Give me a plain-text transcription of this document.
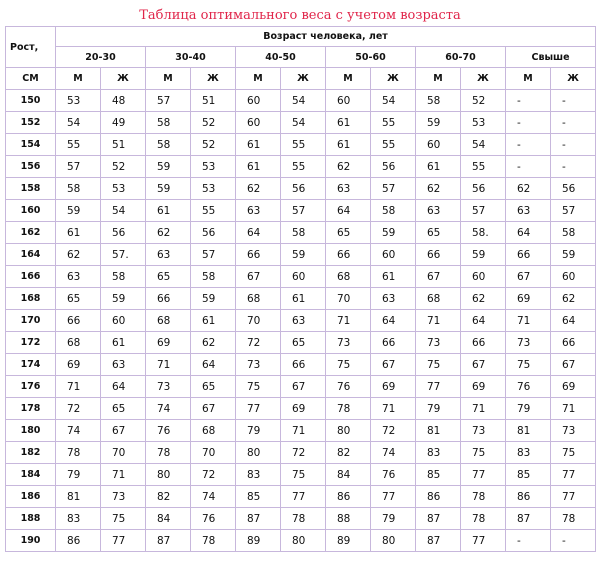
Таблица оптимального веса с учетом возраста
Рост,	Возраст человека, лет											
	20-30		30-40		40-50		50-60		60-70		Свыше	
СМ	М	Ж	М	Ж	М	Ж	М	Ж	М	Ж	М	Ж
150	53	48	57	51	60	54	60	54	58	52	-	-
152	54	49	58	52	60	54	61	55	59	53	-	-
154	55	51	58	52	61	55	61	55	60	54	-	-
156	57	52	59	53	61	55	62	56	61	55	-	-
158	58	53	59	53	62	56	63	57	62	56	62	56
160	59	54	61	55	63	57	64	58	63	57	63	57
162	61	56	62	56	64	58	65	59	65	58.	64	58
164	62	57.	63	57	66	59	66	60	66	59	66	59
166	63	58	65	58	67	60	68	61	67	60	67	60
168	65	59	66	59	68	61	70	63	68	62	69	62
170	66	60	68	61	70	63	71	64	71	64	71	64
172	68	61	69	62	72	65	73	66	73	66	73	66
174	69	63	71	64	73	66	75	67	75	67	75	67
176	71	64	73	65	75	67	76	69	77	69	76	69
178	72	65	74	67	77	69	78	71	79	71	79	71
180	74	67	76	68	79	71	80	72	81	73	81	73
182	78	70	78	70	80	72	82	74	83	75	83	75
184	79	71	80	72	83	75	84	76	85	77	85	77
186	81	73	82	74	85	77	86	77	86	78	86	77
188	83	75	84	76	87	78	88	79	87	78	87	78
190	86	77	87	78	89	80	89	80	87	77	-	-
